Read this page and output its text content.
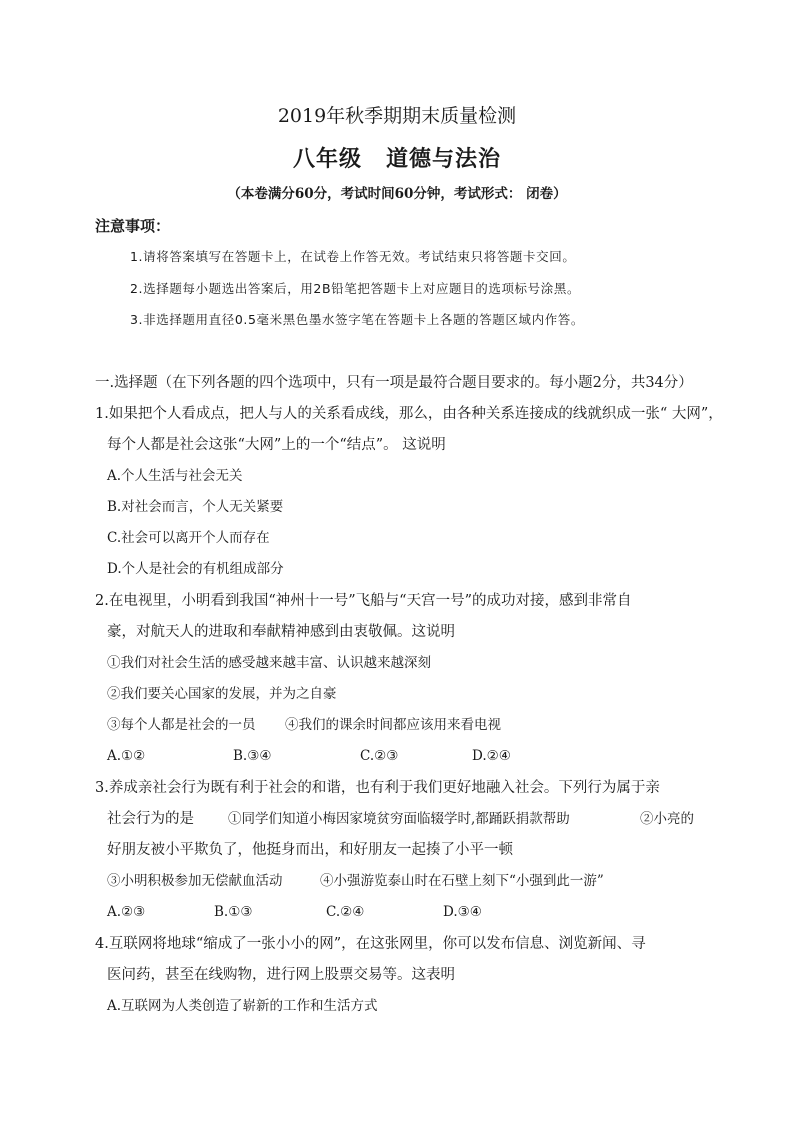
2019年秋季期期末质量检测
八年级 道德与法治
（本卷满分60分，考试时间60分钟，考试形式： 闭卷）
注意事项：
1.请将答案填写在答题卡上，在试卷上作答无效。考试结束只将答题卡交回。
2.选择题每小题选出答案后，用2B铅笔把答题卡上对应题目的选项标号涂黑。
3.非选择题用直径0.5毫米黑色墨水签字笔在答题卡上各题的答题区域内作答。
一.选择题（在下列各题的四个选项中，只有一项是最符合题目要求的。每小题2分，共34分）
1.如果把个人看成点，把人与人的关系看成线，那么，由各种关系连接成的线就织成一张“ 大网”，
每个人都是社会这张“大网”上的一个“结点”。 这说明
A.个人生活与社会无关
B.对社会而言，个人无关紧要
C.社会可以离开个人而存在
D.个人是社会的有机组成部分
2.在电视里，小明看到我国“神州十一号”飞船与“天宫一号”的成功对接，感到非常自
豪，对航天人的进取和奉献精神感到由衷敬佩。这说明
①我们对社会生活的感受越来越丰富、认识越来越深刻
②我们要关心国家的发展，并为之自豪
③每个人都是社会的一员 ④我们的课余时间都应该用来看电视
A.①②	B.③④	C.②③	D.②④
3.养成亲社会行为既有利于社会的和谐，也有利于我们更好地融入社会。下列行为属于亲
社会行为的是	①同学们知道小梅因家境贫穷面临辍学时,都踊跃捐款帮助	②小亮的
好朋友被小平欺负了，他挺身而出，和好朋友一起揍了小平一顿
③小明积极参加无偿献血活动	④小强游览泰山时在石壁上刻下“小强到此一游”
A.②③	B.①③	C.②④	D.③④
4.互联网将地球“缩成了一张小小的网”，在这张网里，你可以发布信息、浏览新闻、寻
医问药，甚至在线购物，进行网上股票交易等。这表明
A.互联网为人类创造了崭新的工作和生活方式
